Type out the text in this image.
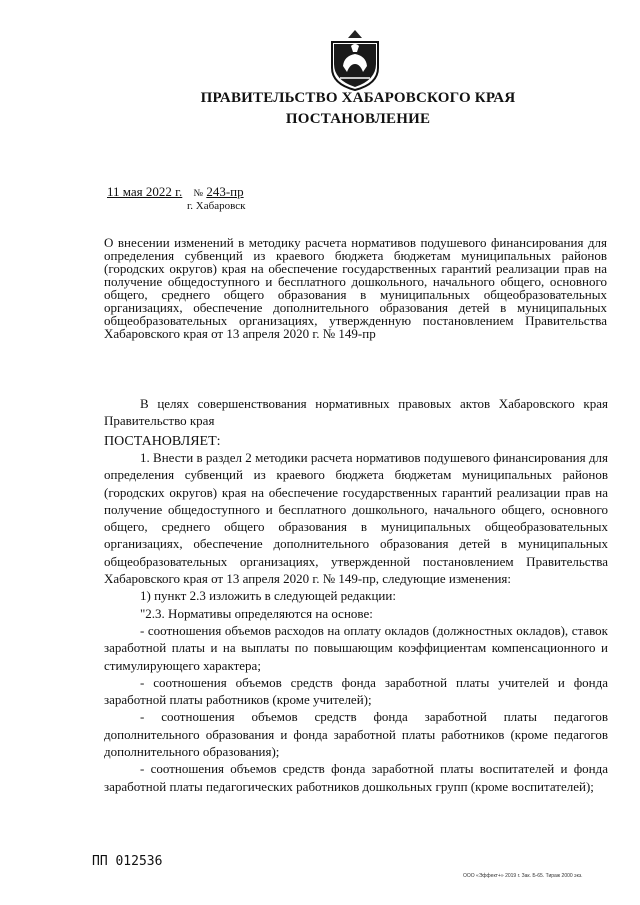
ПРАВИТЕЛЬСТВО ХАБАРОВСКОГО КРАЯ
ПОСТАНОВЛЕНИЕ
11 мая 2022 г. № 243-пр
г. Хабаровск
О внесении изменений в методику расчета нормативов подушевого финансирования для определения субвенций из краевого бюджета бюджетам муниципальных районов (городских округов) края на обеспечение государственных гарантий реализации прав на получение общедоступного и бесплатного дошкольного, начального общего, основного общего, среднего общего образования в муниципальных общеобразовательных организациях, обеспечение дополнительного образования детей в муниципальных общеобразовательных организациях, утвержденную постановлением Правительства Хабаровского края от 13 апреля 2020 г. № 149-пр
В целях совершенствования нормативных правовых актов Хабаровского края Правительство края
ПОСТАНОВЛЯЕТ:

1. Внести в раздел 2 методики расчета нормативов подушевого финансирования для определения субвенций из краевого бюджета бюджетам муниципальных районов (городских округов) края на обеспечение государственных гарантий реализации прав на получение общедоступного и бесплатного дошкольного, начального общего, основного общего, среднего общего образования в муниципальных общеобразовательных организациях, обеспечение дополнительного образования детей в муниципальных общеобразовательных организациях, утвержденной постановлением Правительства Хабаровского края от 13 апреля 2020 г. № 149-пр, следующие изменения:

1) пункт 2.3 изложить в следующей редакции:

"2.3. Нормативы определяются на основе:

- соотношения объемов расходов на оплату окладов (должностных окладов), ставок заработной платы и на выплаты по повышающим коэффициентам компенсационного и стимулирующего характера;

- соотношения объемов средств фонда заработной платы учителей и фонда заработной платы работников (кроме учителей);

- соотношения объемов средств фонда заработной платы педагогов дополнительного образования и фонда заработной платы работников (кроме педагогов дополнительного образования);

- соотношения объемов средств фонда заработной платы воспитателей и фонда заработной платы педагогических работников дошкольных групп (кроме воспитателей);

ПП 012536
ООО «Эффект+» 2019 г. Зак. Б-65. Тираж 2000 экз.
